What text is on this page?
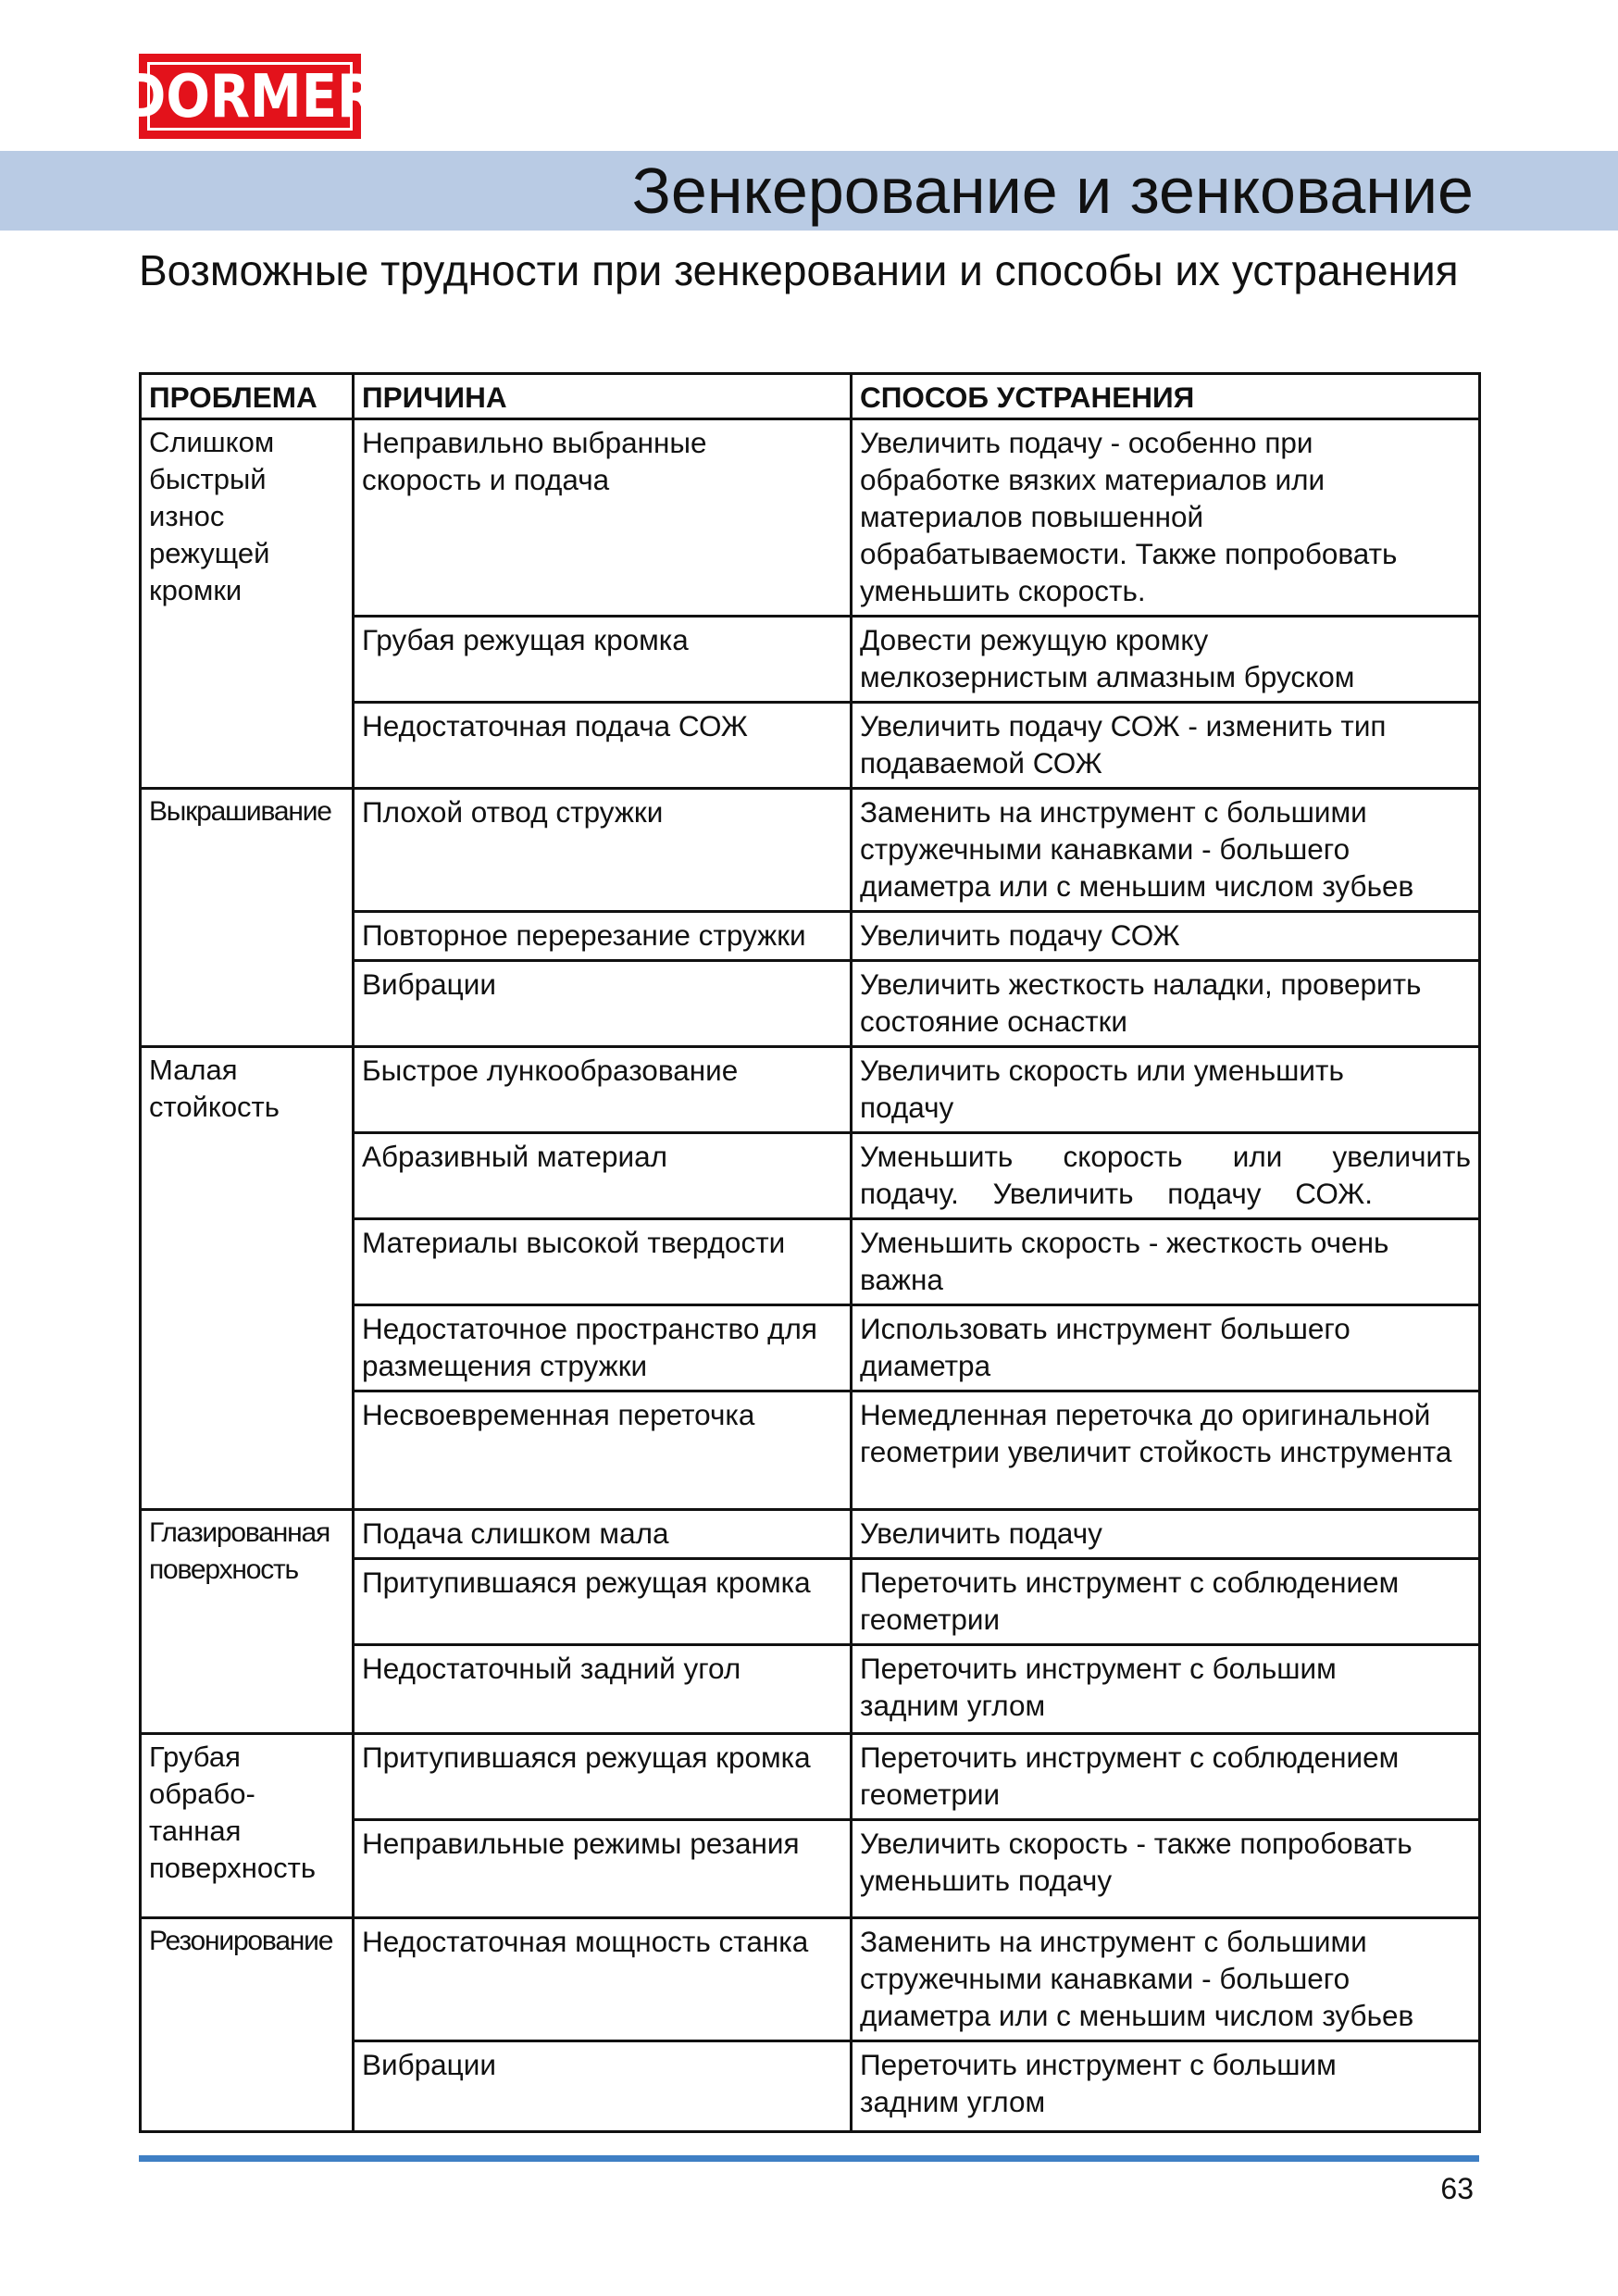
DORMER
Зенкерование и зенкование
Возможные трудности при зенкеровании и способы их устранения
ПРОБЛЕМА	ПРИЧИНА	СПОСОБ УСТРАНЕНИЯ
Слишком быстрый износ режущей кромки	Неправильно выбранные скорость и подача	Увеличить подачу - особенно при обработке вязких материалов или материалов повышенной обрабатываемости. Также попробовать уменьшить скорость.

	Грубая режущая кромка	Довести режущую кромку мелкозернистым алмазным бруском
	Недостаточная подача СОЖ	Увеличить подачу СОЖ - изменить тип подаваемой СОЖ
Выкрашивание	Плохой отвод стружки	Заменить на инструмент с большими стружечными канавками - большего диаметра или с меньшим числом зубьев
	Повторное перерезание стружки	Увеличить подачу СОЖ
	Вибрации	Увеличить жесткость наладки, проверить состояние оснастки
Малая стойкость	Быстрое лункообразование	Увеличить скорость или уменьшить подачу
	Абразивный материал	Уменьшить скорость или увеличить подачу. Увеличить подачу СОЖ.
	Материалы высокой твердости	Уменьшить скорость - жесткость очень важна
	Недостаточное пространство для размещения стружки	Использовать инструмент большего диаметра
	Несвоевременная переточка	Немедленная переточка до оригинальной геометрии увеличит стойкость инструмента
Глазированная поверхность	Подача слишком мала	Увеличить подачу
	Притупившаяся режущая кромка	Переточить инструмент с соблюдением геометрии
	Недостаточный задний угол	Переточить инструмент с большим задним углом
Грубая обрабо-танная поверхность	Притупившаяся режущая кромка	Переточить инструмент с соблюдением геометрии
	Неправильные режимы резания	Увеличить скорость - также попробовать уменьшить подачу
Резонирование	Недостаточная мощность станка	Заменить на инструмент с большими стружечными канавками - большего диаметра или с меньшим числом зубьев
	Вибрации	Переточить инструмент с большим задним углом
63
